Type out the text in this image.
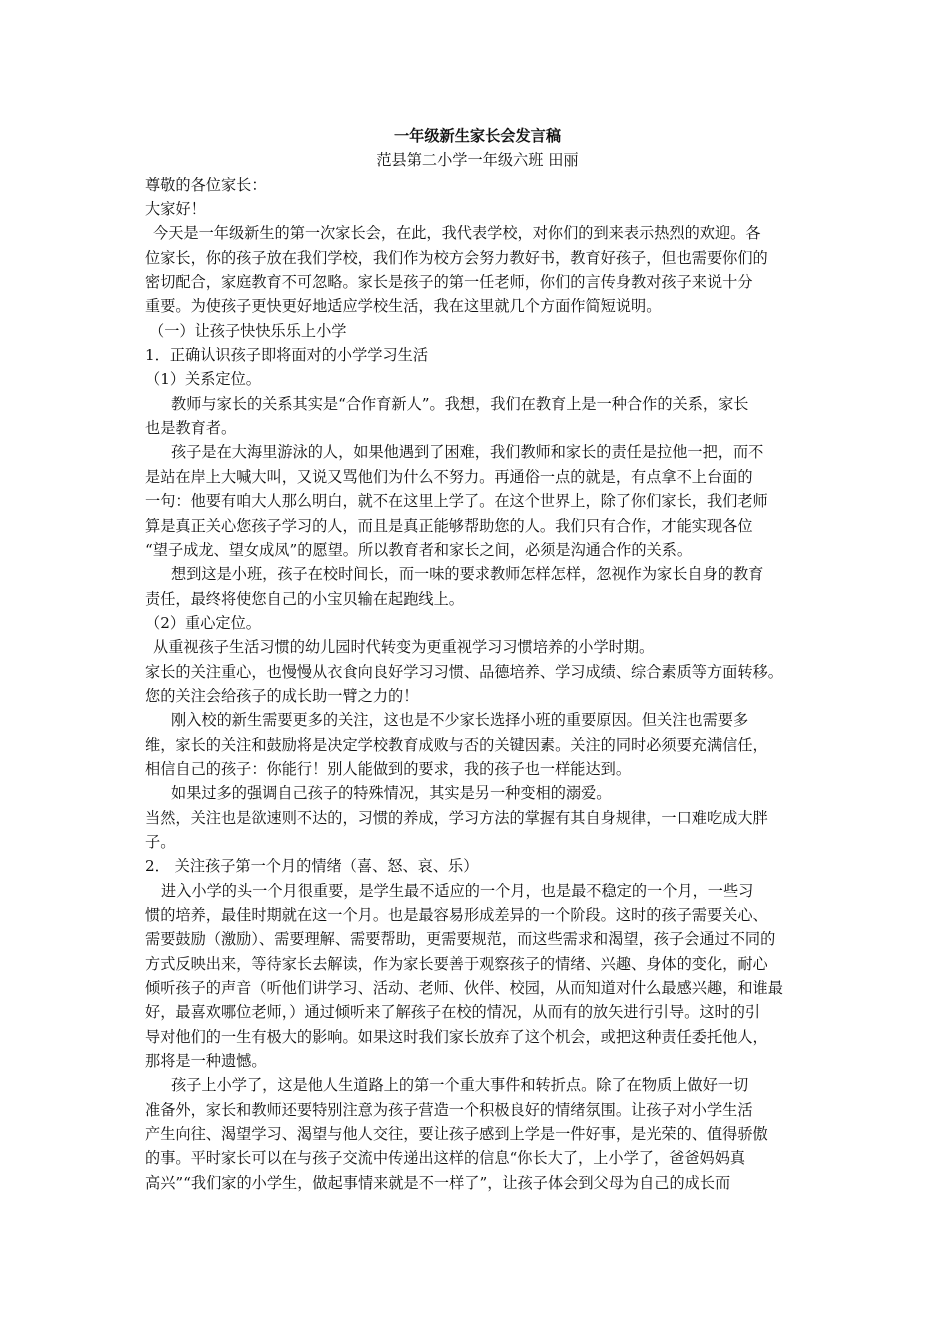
一年级新生家长会发言稿

范县第二小学一年级六班 田丽

尊敬的各位家长：

大家好！

今天是一年级新生的第一次家长会，在此，我代表学校，对你们的到来表示热烈的欢迎。各

位家长，你的孩子放在我们学校，我们作为校方会努力教好书，教育好孩子，但也需要你们的

密切配合，家庭教育不可忽略。家长是孩子的第一任老师，你们的言传身教对孩子来说十分

重要。为使孩子更快更好地适应学校生活，我在这里就几个方面作简短说明。

（一）让孩子快快乐乐上小学

1．正确认识孩子即将面对的小学学习生活

（1）关系定位。

教师与家长的关系其实是“合作育新人”。我想，我们在教育上是一种合作的关系，家长

也是教育者。

孩子是在大海里游泳的人，如果他遇到了困难，我们教师和家长的责任是拉他一把，而不

是站在岸上大喊大叫，又说又骂他们为什么不努力。再通俗一点的就是，有点拿不上台面的

一句：他要有咱大人那么明白，就不在这里上学了。在这个世界上，除了你们家长，我们老师

算是真正关心您孩子学习的人，而且是真正能够帮助您的人。我们只有合作，才能实现各位

“望子成龙、望女成凤”的愿望。所以教育者和家长之间，必须是沟通合作的关系。

想到这是小班，孩子在校时间长，而一味的要求教师怎样怎样，忽视作为家长自身的教育

责任，最终将使您自己的小宝贝输在起跑线上。

（2）重心定位。

从重视孩子生活习惯的幼儿园时代转变为更重视学习习惯培养的小学时期。

家长的关注重心，也慢慢从衣食向良好学习习惯、品德培养、学习成绩、综合素质等方面转移。

您的关注会给孩子的成长助一臂之力的！

刚入校的新生需要更多的关注，这也是不少家长选择小班的重要原因。但关注也需要多

维，家长的关注和鼓励将是决定学校教育成败与否的关键因素。关注的同时必须要充满信任，

相信自己的孩子：你能行！别人能做到的要求，我的孩子也一样能达到。

如果过多的强调自己孩子的特殊情况，其实是另一种变相的溺爱。

当然，关注也是欲速则不达的，习惯的养成，学习方法的掌握有其自身规律，一口难吃成大胖

子。

2． 关注孩子第一个月的情绪（喜、怒、哀、乐）

进入小学的头一个月很重要，是学生最不适应的一个月，也是最不稳定的一个月，一些习

惯的培养，最佳时期就在这一个月。也是最容易形成差异的一个阶段。这时的孩子需要关心、

需要鼓励（激励）、需要理解、需要帮助，更需要规范，而这些需求和渴望，孩子会通过不同的

方式反映出来，等待家长去解读，作为家长要善于观察孩子的情绪、兴趣、身体的变化，耐心

倾听孩子的声音（听他们讲学习、活动、老师、伙伴、校园，从而知道对什么最感兴趣，和谁最

好，最喜欢哪位老师，）通过倾听来了解孩子在校的情况，从而有的放矢进行引导。这时的引

导对他们的一生有极大的影响。如果这时我们家长放弃了这个机会，或把这种责任委托他人，

那将是一种遗憾。

孩子上小学了，这是他人生道路上的第一个重大事件和转折点。除了在物质上做好一切

准备外，家长和教师还要特别注意为孩子营造一个积极良好的情绪氛围。让孩子对小学生活

产生向往、渴望学习、渴望与他人交往，要让孩子感到上学是一件好事，是光荣的、值得骄傲

的事。平时家长可以在与孩子交流中传递出这样的信息“你长大了，上小学了，爸爸妈妈真

高兴”“我们家的小学生，做起事情来就是不一样了”，让孩子体会到父母为自己的成长而
